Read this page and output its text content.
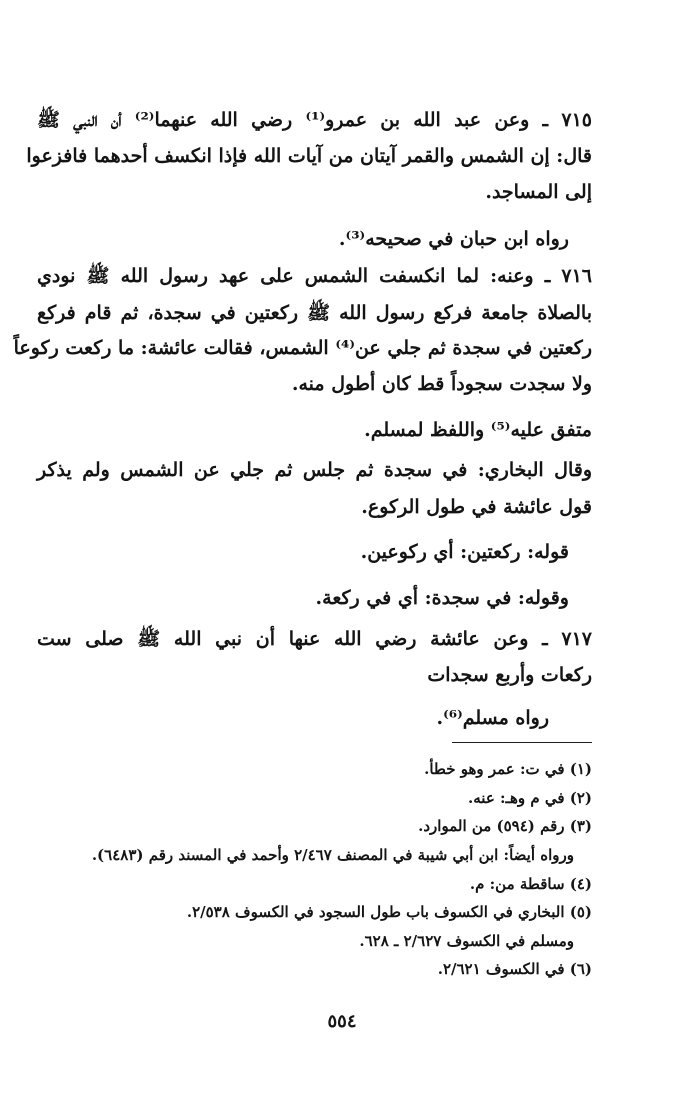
٧١٥ ـ وعن عبد الله بن عمرو⁽¹⁾ رضي الله عنهما⁽²⁾ أن النبي ﷺ
قال: إن الشمس والقمر آيتان من آيات الله فإذا انكسف أحدهما فافزعوا
إلى المساجد.
رواه ابن حبان في صحيحه⁽³⁾.
٧١٦ ـ وعنه: لما انكسفت الشمس على عهد رسول الله ﷺ نودي
بالصلاة جامعة فركع رسول الله ﷺ ركعتين في سجدة، ثم قام فركع
ركعتين في سجدة ثم جلي عن⁽⁴⁾ الشمس، فقالت عائشة: ما ركعت ركوعاً
ولا سجدت سجوداً قط كان أطول منه.
متفق عليه⁽⁵⁾ واللفظ لمسلم.
وقال البخاري: في سجدة ثم جلس ثم جلي عن الشمس ولم يذكر
قول عائشة في طول الركوع.
قوله: ركعتين: أي ركوعين.
وقوله: في سجدة: أي في ركعة.
٧١٧ ـ وعن عائشة رضي الله عنها أن نبي الله ﷺ صلى ست
ركعات وأربع سجدات
رواه مسلم⁽⁶⁾.
(١) في ت: عمر وهو خطأ.
(٢) في م وهـ: عنه.
(٣) رقم (٥٩٤) من الموارد.
ورواه أيضاً: ابن أبي شيبة في المصنف ٢/٤٦٧ وأحمد في المسند رقم (٦٤٨٣).
(٤) ساقطة من: م.
(٥) البخاري في الكسوف باب طول السجود في الكسوف ٢/٥٣٨.
ومسلم في الكسوف ٢/٦٢٧ ـ ٦٢٨.
(٦) في الكسوف ٢/٦٢١.
٥٥٤
